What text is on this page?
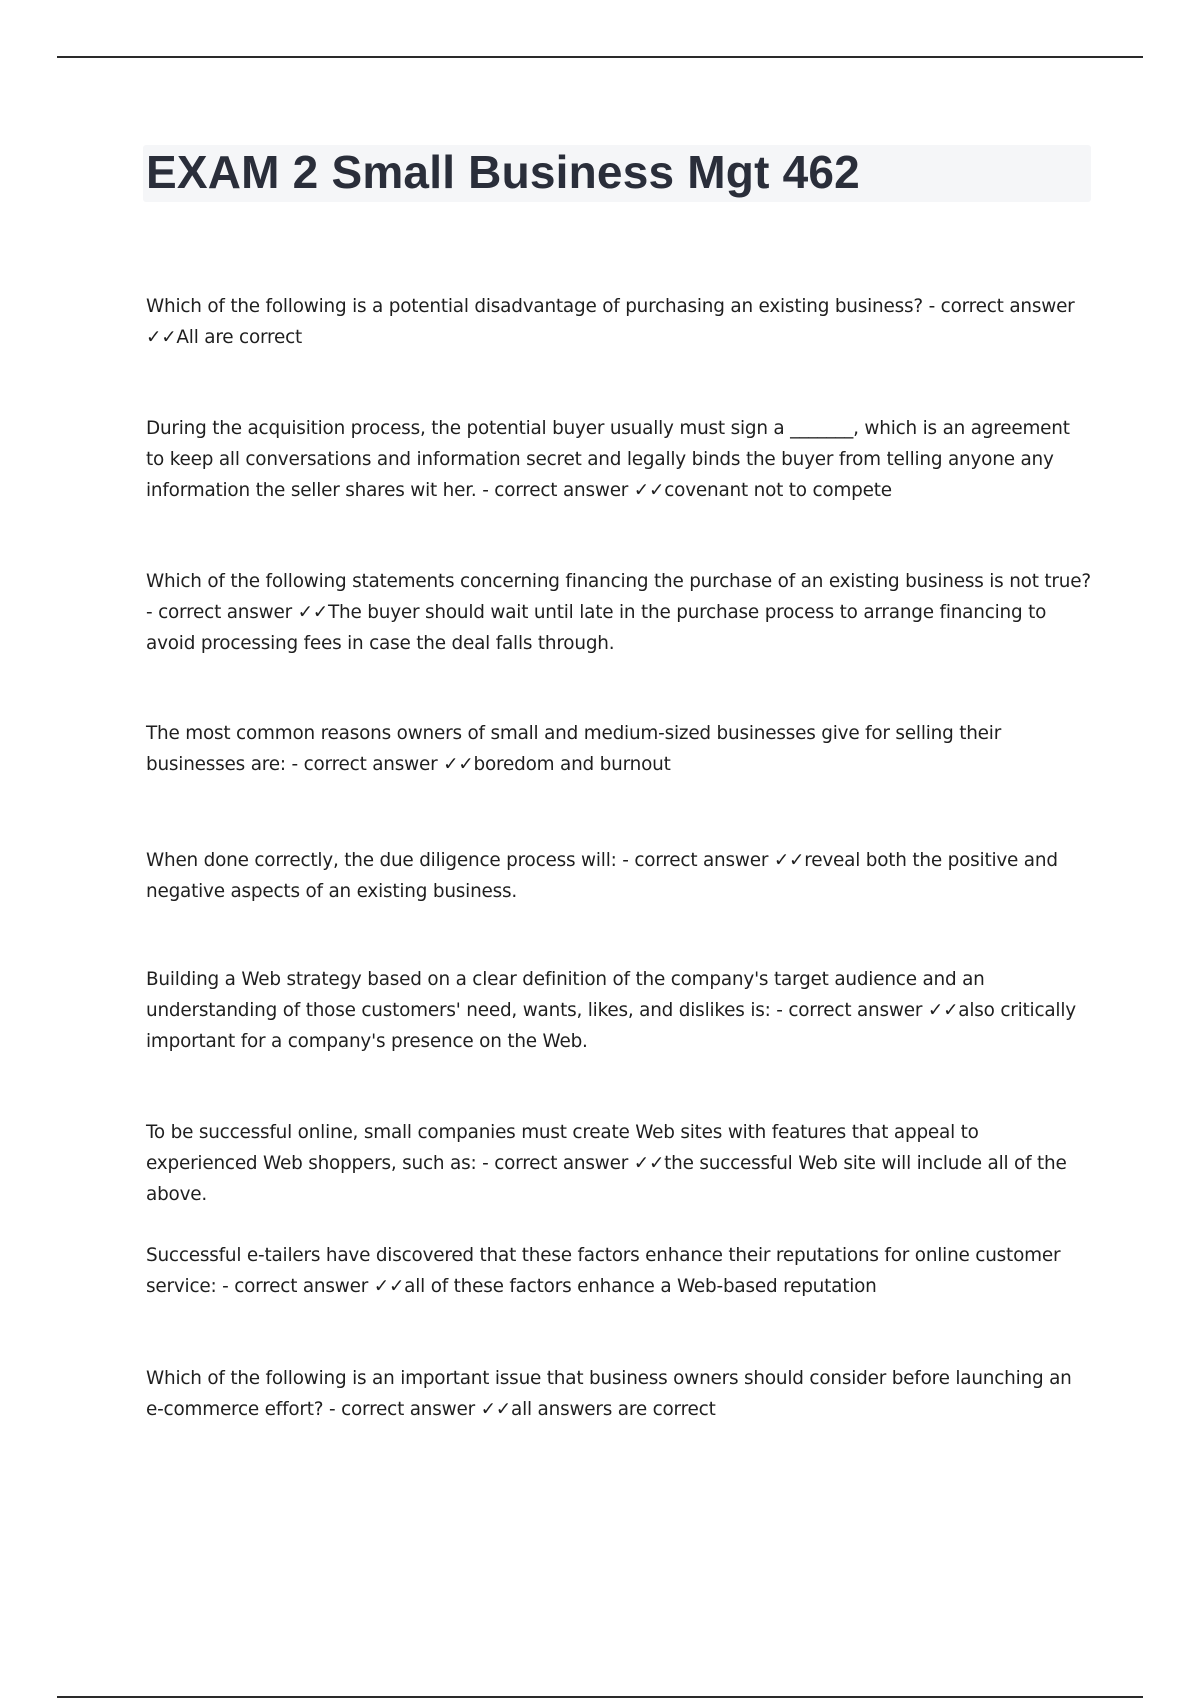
EXAM 2 Small Business Mgt 462

Which of the following is a potential disadvantage of purchasing an existing business? - correct answer ✓✓All are correct

During the acquisition process, the potential buyer usually must sign a _______, which is an agreement to keep all conversations and information secret and legally binds the buyer from telling anyone any information the seller shares wit her. - correct answer ✓✓covenant not to compete

Which of the following statements concerning financing the purchase of an existing business is not true? - correct answer ✓✓The buyer should wait until late in the purchase process to arrange financing to avoid processing fees in case the deal falls through.

The most common reasons owners of small and medium-sized businesses give for selling their businesses are: - correct answer ✓✓boredom and burnout

When done correctly, the due diligence process will: - correct answer ✓✓reveal both the positive and negative aspects of an existing business.

Building a Web strategy based on a clear definition of the company's target audience and an understanding of those customers' need, wants, likes, and dislikes is: - correct answer ✓✓also critically important for a company's presence on the Web.

To be successful online, small companies must create Web sites with features that appeal to experienced Web shoppers, such as: - correct answer ✓✓the successful Web site will include all of the above.

Successful e-tailers have discovered that these factors enhance their reputations for online customer service: - correct answer ✓✓all of these factors enhance a Web-based reputation

Which of the following is an important issue that business owners should consider before launching an e-commerce effort? - correct answer ✓✓all answers are correct
